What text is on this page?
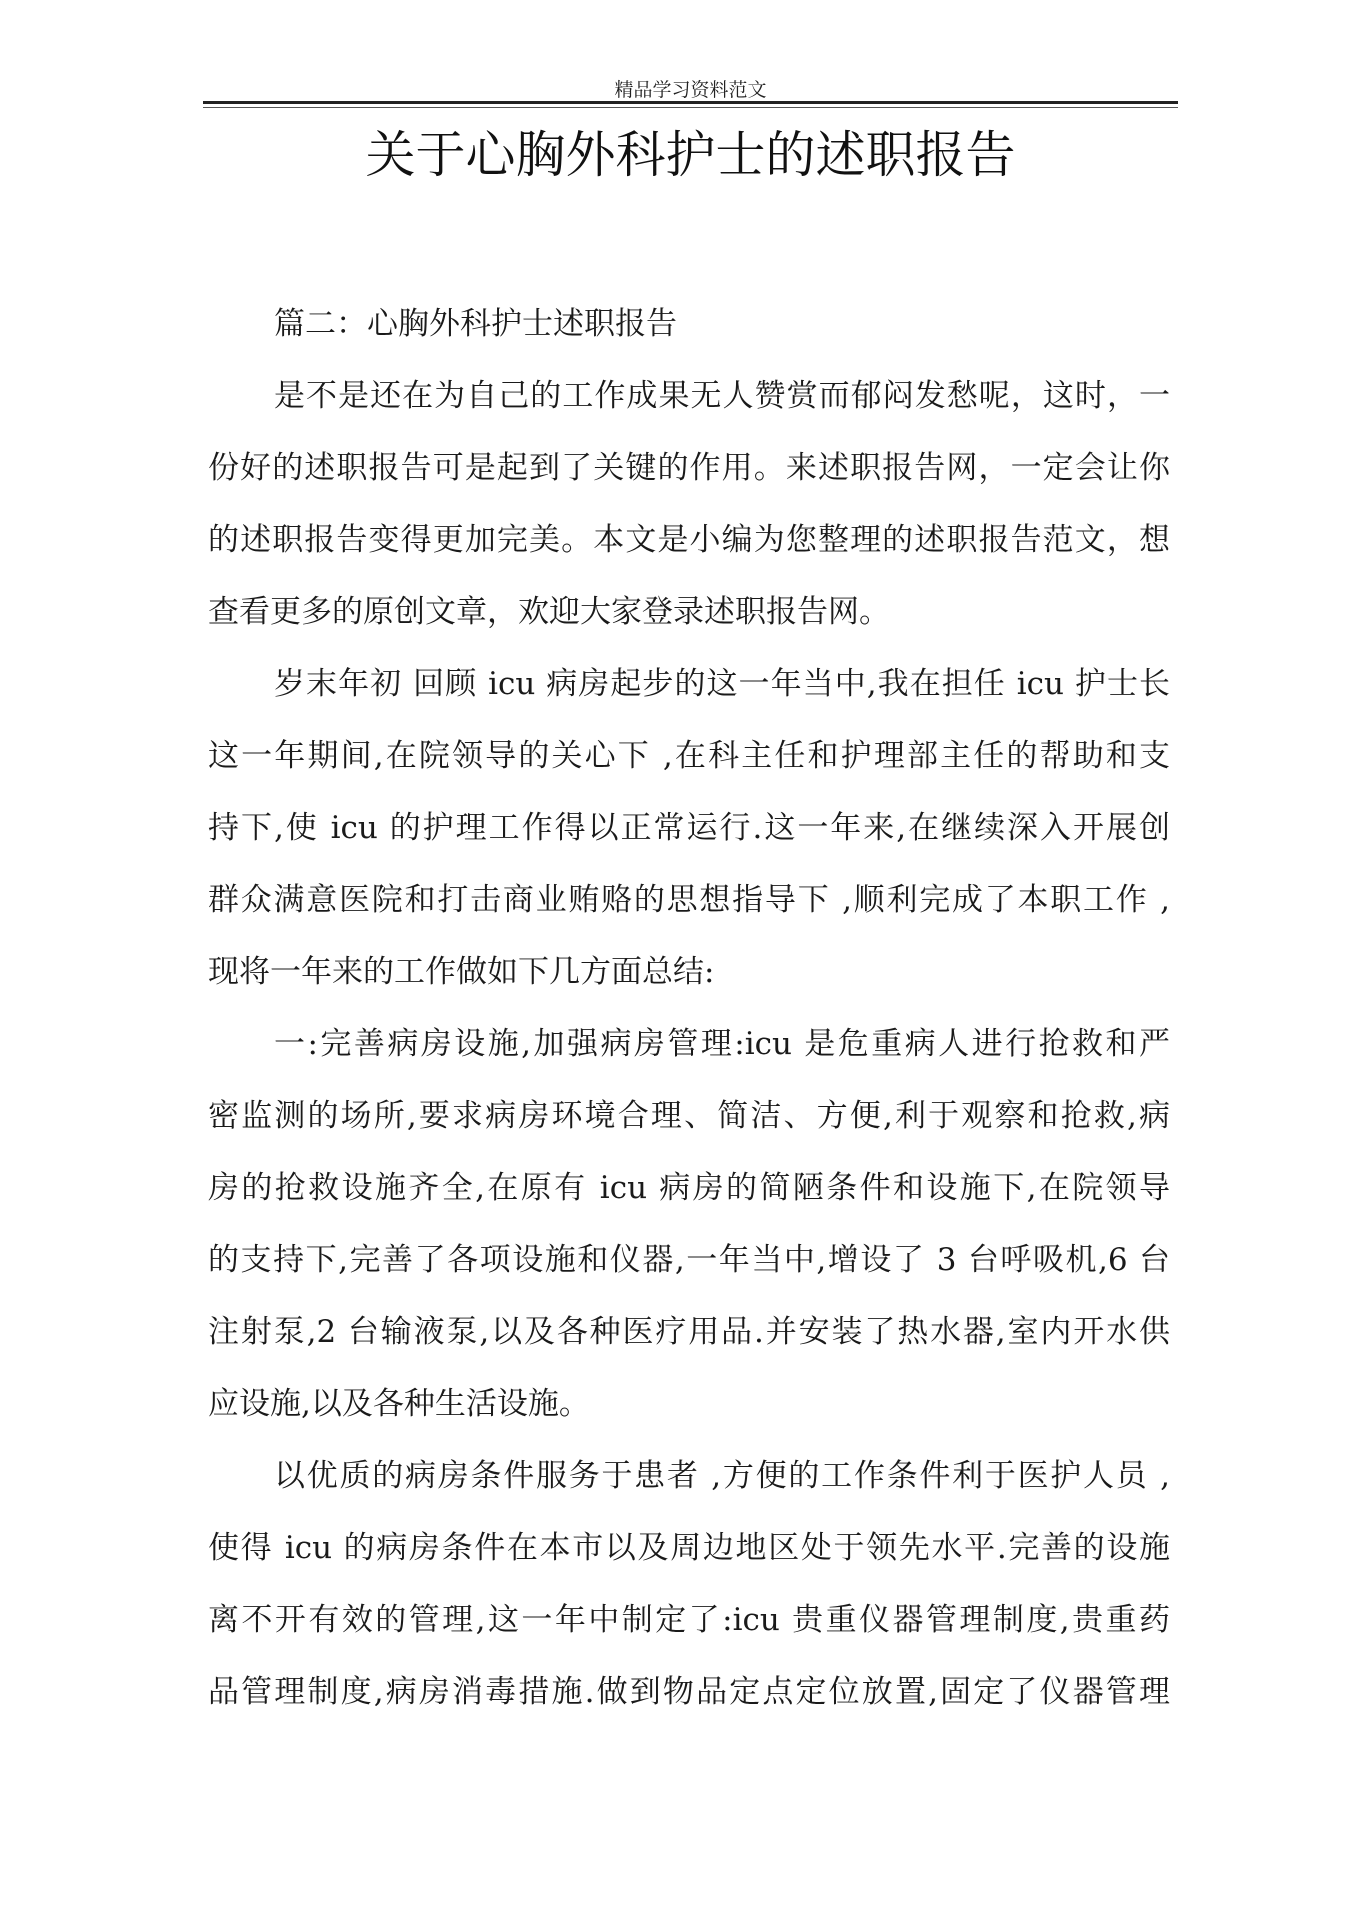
精品学习资料范文
关于心胸外科护士的述职报告
篇二：心胸外科护士述职报告
是不是还在为自己的工作成果无人赞赏而郁闷发愁呢，这时，一
份好的述职报告可是起到了关键的作用。来述职报告网，一定会让你
的述职报告变得更加完美。本文是小编为您整理的述职报告范文，想
查看更多的原创文章，欢迎大家登录述职报告网。
岁末年初 回顾 icu 病房起步的这一年当中,我在担任 icu 护士长
这一年期间,在院领导的关心下 ,在科主任和护理部主任的帮助和支
持下,使 icu 的护理工作得以正常运行.这一年来,在继续深入开展创
群众满意医院和打击商业贿赂的思想指导下 ,顺利完成了本职工作 ,
现将一年来的工作做如下几方面总结:
一:完善病房设施,加强病房管理:icu 是危重病人进行抢救和严
密监测的场所,要求病房环境合理、简洁、方便,利于观察和抢救,病
房的抢救设施齐全,在原有 icu 病房的简陋条件和设施下,在院领导
的支持下,完善了各项设施和仪器,一年当中,增设了 3 台呼吸机,6 台
注射泵,2 台输液泵,以及各种医疗用品.并安装了热水器,室内开水供
应设施,以及各种生活设施。
以优质的病房条件服务于患者 ,方便的工作条件利于医护人员 ,
使得 icu 的病房条件在本市以及周边地区处于领先水平.完善的设施
离不开有效的管理,这一年中制定了:icu 贵重仪器管理制度,贵重药
品管理制度,病房消毒措施.做到物品定点定位放置,固定了仪器管理
